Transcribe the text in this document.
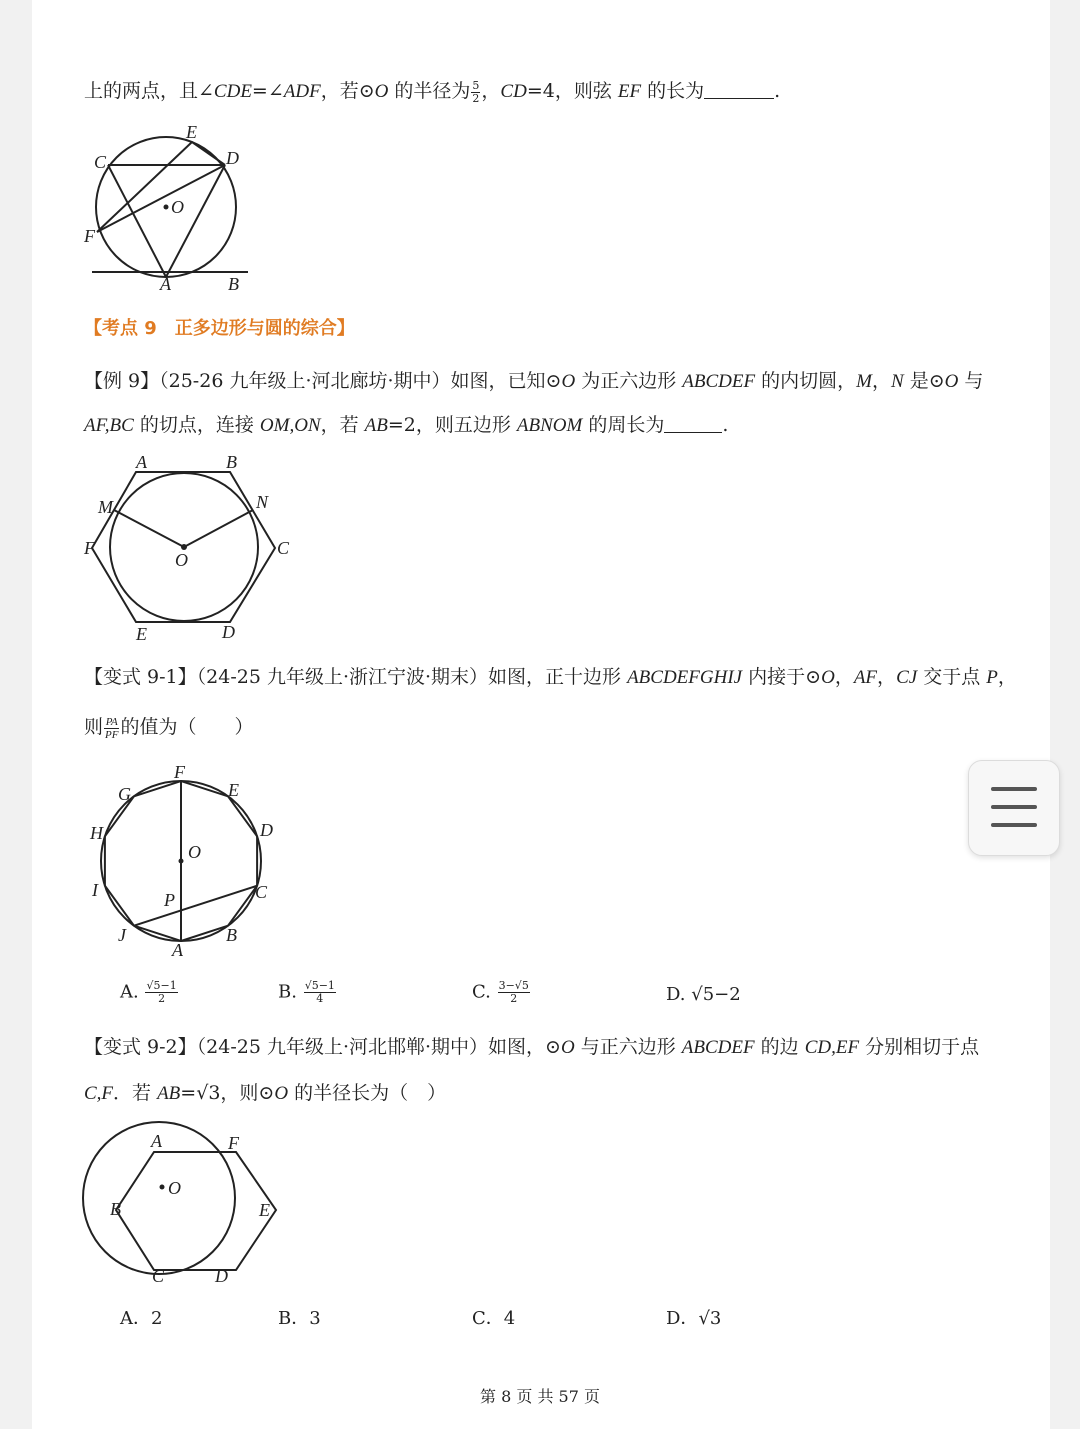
上的两点，且∠CDE=∠ADF，若⊙O 的半径为 $\frac{5}{2}$ ，CD=4，则弦 EF 的长为	.
E
C	D
O
F
A	B
【考点 9　正多边形与圆的综合】
【例 9】（25-26 九年级上·河北廊坊·期中）如图，已知⊙O 为正六边形 ABCDEF 的内切圆，M，N 是⊙O 与
AF,BC 的切点，连接 OM,ON，若 AB=2，则五边形 ABNOM 的周长为	.
A	B
M	N
F	C
O
E	D
【变式 9-1】（24-25 九年级上·浙江宁波·期末）如图，正十边形 ABCDEFGHIJ 内接于⊙O，AF，CJ 交于点 P，
则 $\frac{PA}{PF}$ 的值为（　　）
F
G	E
H	D
O
I	C
P
J	B
A
A. $\frac{√5-1}{2}$	B. $\frac{√5-1}{4}$	C. $\frac{3-√5}{2}$	D. √5−2
【变式 9-2】（24-25 九年级上·河北邯郸·期中）如图，⊙O 与正六边形 ABCDEF 的边 CD,EF 分别相切于点
C,F．若 AB=√3，则⊙O 的半径长为（　）
A	F
O
B	E
C	D
A．2	B．3	C．4	D．√3
第 8 页 共 57 页
